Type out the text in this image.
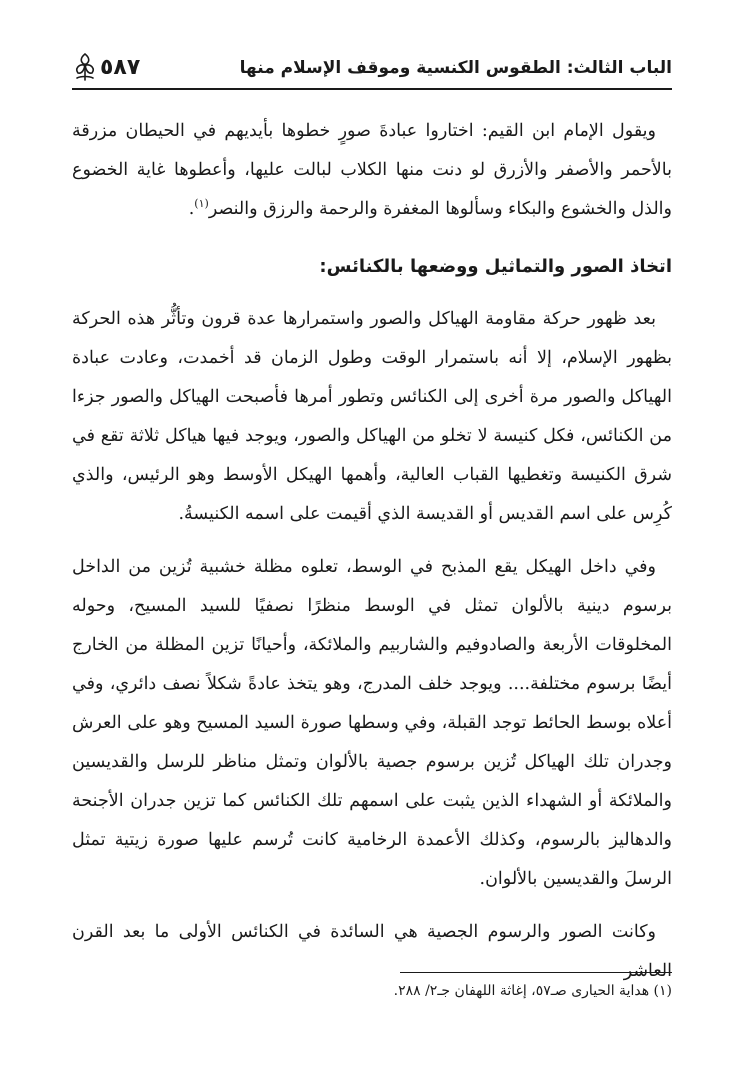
الباب الثالث: الطقوس الكنسية وموقف الإسلام منها
٥٨٧

ويقول الإمام ابن القيم: اختاروا عبادةَ صورٍ خطوها بأيديهم في الحيطان مزرقة بالأحمر والأصفر والأزرق لو دنت منها الكلاب لبالت عليها، وأعطوها غاية الخضوع والذل والخشوع والبكاء وسألوها المغفرة والرحمة والرزق والنصر$^{(١)}$.

اتخاذ الصور والتماثيل ووضعها بالكنائس:

بعد ظهور حركة مقاومة الهياكل والصور واستمرارها عدة قرون وتأثُّر هذه الحركة بظهور الإسلام، إلا أنه باستمرار الوقت وطول الزمان قد أخمدت، وعادت عبادة الهياكل والصور مرة أخرى إلى الكنائس وتطور أمرها فأصبحت الهياكل والصور جزءا من الكنائس، فكل كنيسة لا تخلو من الهياكل والصور، ويوجد فيها هياكل ثلاثة تقع في شرق الكنيسة وتغطيها القباب العالية، وأهمها الهيكل الأوسط وهو الرئيس، والذي كُرِس على اسم القديس أو القديسة الذي أقيمت على اسمه الكنيسةُ.

وفي داخل الهيكل يقع المذبح في الوسط، تعلوه مظلة خشبية تُزين من الداخل برسوم دينية بالألوان تمثل في الوسط منظرًا نصفيًا للسيد المسيح، وحوله المخلوقات الأربعة والصادوفيم والشاربيم والملائكة، وأحيانًا تزين المظلة من الخارج أيضًا برسوم مختلفة.... ويوجد خلف المدرج، وهو يتخذ عادةً شكلاً نصف دائري، وفي أعلاه بوسط الحائط توجد القبلة، وفي وسطها صورة السيد المسيح وهو على العرش وجدران تلك الهياكل تُزين برسوم جصية بالألوان وتمثل مناظر للرسل والقديسين والملائكة أو الشهداء الذين يثبت على اسمهم تلك الكنائس كما تزين جدران الأجنحة والدهاليز بالرسوم، وكذلك الأعمدة الرخامية كانت تُرسم عليها صورة زيتية تمثل الرسلَ والقديسين بالألوان.

وكانت الصور والرسوم الجصية هي السائدة في الكنائس الأولى ما بعد القرن العاشر

(١) هداية الحيارى صـ٥٧، إغاثة اللهفان جـ٢/ ٢٨٨.
